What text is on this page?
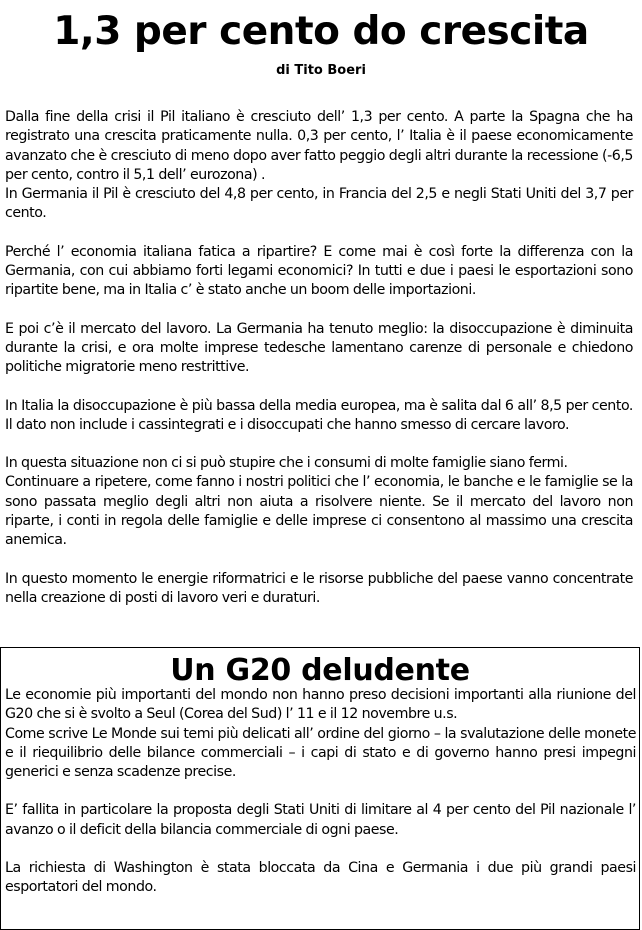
1,3 per cento do crescita
di Tito Boeri

Dalla fine della crisi il Pil italiano è cresciuto dell’ 1,3 per cento. A parte la Spagna che ha registrato una crescita praticamente nulla. 0,3 per cento, l’ Italia è il paese economicamente avanzato che è cresciuto di meno dopo aver fatto peggio degli altri durante la recessione (-6,5 per cento, contro il 5,1 dell’ eurozona) .
In Germania il Pil è cresciuto del 4,8 per cento, in Francia del 2,5 e negli Stati Uniti del 3,7 per cento.

Perché l’ economia italiana fatica a ripartire? E come mai è così forte la differenza con la Germania, con cui abbiamo forti legami economici? In tutti e due i paesi le esportazioni sono ripartite bene, ma in Italia c’ è stato anche un boom delle importazioni.

E poi c’è il mercato del lavoro. La Germania ha tenuto meglio: la disoccupazione è diminuita durante la crisi, e ora molte imprese tedesche lamentano carenze di personale e chiedono politiche migratorie meno restrittive.

In Italia la disoccupazione è più bassa della media europea, ma è salita dal 6 all’ 8,5 per cento. Il dato non include i cassintegrati e i disoccupati che hanno smesso di cercare lavoro.

In questa situazione non ci si può stupire che i consumi di molte famiglie siano fermi.
Continuare a ripetere, come fanno i nostri politici che l’ economia, le banche e le famiglie se la sono passata meglio degli altri non aiuta a risolvere niente. Se il mercato del lavoro non riparte, i conti in regola delle famiglie e delle imprese ci consentono al massimo una crescita anemica.

In questo momento le energie riformatrici e le risorse pubbliche del paese vanno concentrate nella creazione di posti di lavoro veri e duraturi.

Un G20 deludente

Le economie più importanti del mondo non hanno preso decisioni importanti alla riunione del G20 che si è svolto a Seul (Corea del Sud) l’ 11 e il 12 novembre u.s.
Come scrive Le Monde sui temi più delicati all’ ordine del giorno – la svalutazione delle monete e il riequilibrio delle bilance commerciali – i capi di stato e di governo hanno presi impegni generici e senza scadenze precise.

E’ fallita in particolare la proposta degli Stati Uniti di limitare al 4 per cento del Pil nazionale l’ avanzo o il deficit della bilancia commerciale di ogni paese.

La richiesta di Washington è stata bloccata da Cina e Germania i due più grandi paesi esportatori del mondo.
